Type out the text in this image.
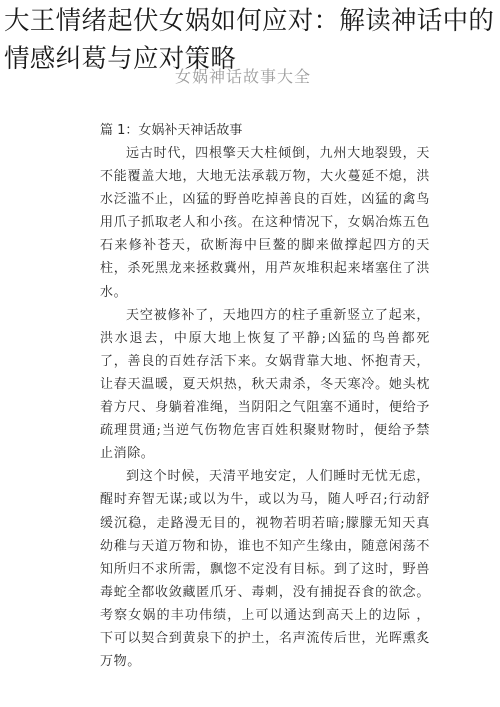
大王情绪起伏女娲如何应对：解读神话中的情感纠葛与应对策略
女娲神话故事大全
篇 1：女娲补天神话故事

远古时代，四根擎天大柱倾倒，九州大地裂毁，天不能覆盖大地，大地无法承载万物，大火蔓延不熄，洪水泛滥不止，凶猛的野兽吃掉善良的百姓，凶猛的禽鸟用爪子抓取老人和小孩。在这种情况下，女娲冶炼五色石来修补苍天，砍断海中巨鳌的脚来做撑起四方的天柱，杀死黑龙来拯救冀州，用芦灰堆积起来堵塞住了洪水。

天空被修补了，天地四方的柱子重新竖立了起来，洪水退去，中原大地上恢复了平静;凶猛的鸟兽都死了，善良的百姓存活下来。女娲背靠大地、怀抱青天，让春天温暖，夏天炽热，秋天肃杀，冬天寒冷。她头枕着方尺、身躺着准绳，当阴阳之气阻塞不通时，便给予疏理贯通;当逆气伤物危害百姓积聚财物时，便给予禁止消除。

到这个时候，天清平地安定，人们睡时无忧无虑，醒时弃智无谋;或以为牛，或以为马，随人呼召;行动舒缓沉稳，走路漫无目的，视物若明若暗;朦朦无知天真幼稚与天道万物和协，谁也不知产生缘由，随意闲荡不知所归不求所需，飘惚不定没有目标。到了这时，野兽毒蛇全都收敛藏匿爪牙、毒刺，没有捕捉吞食的欲念。考察女娲的丰功伟绩，上可以通达到高天上的边际 ，下可以契合到黄泉下的护土，名声流传后世，光晖熏炙万物。
